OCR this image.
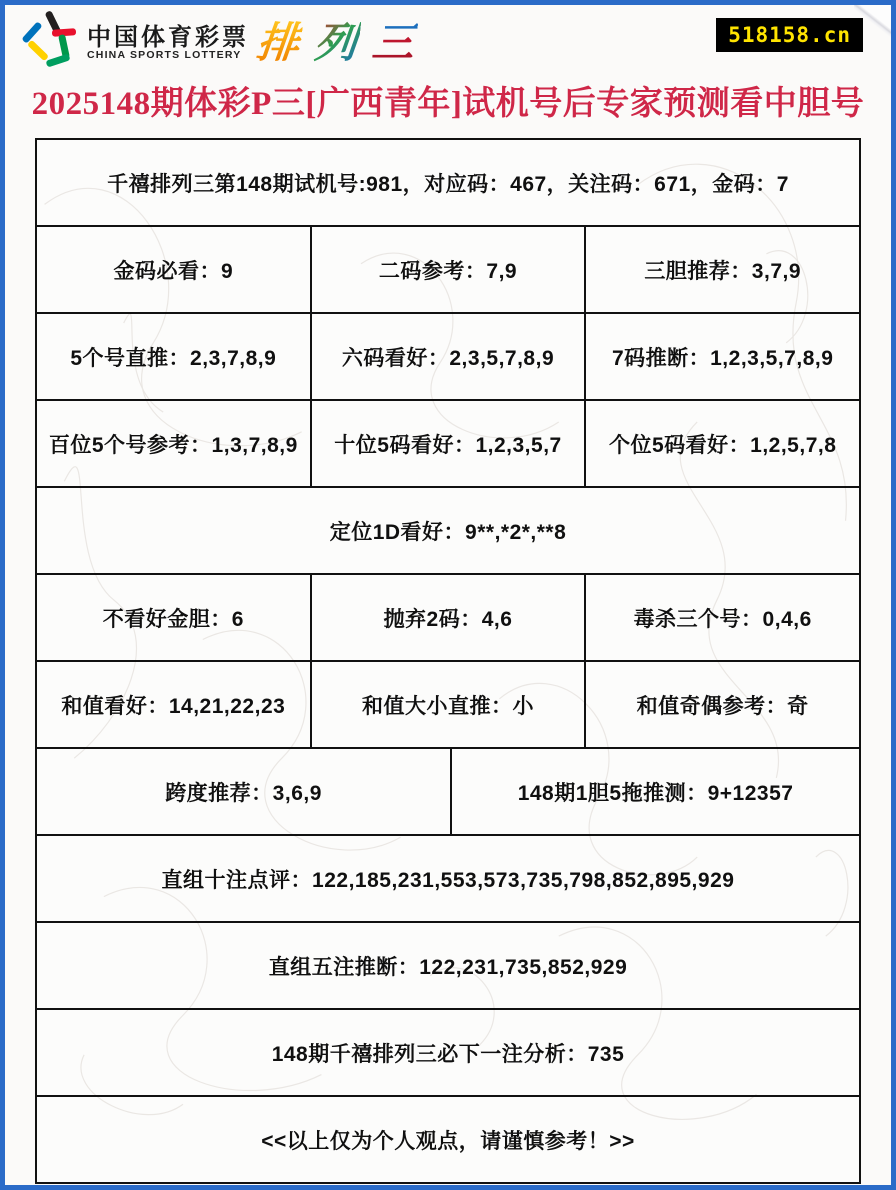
中国体育彩票
CHINA SPORTS LOTTERY 排 列 三	518158.cn
2025148期体彩P三[广西青年]试机号后专家预测看中胆号
千禧排列三第148期试机号:981，对应码：467，关注码：671，金码：7
金码必看：9	二码参考：7,9	三胆推荐：3,7,9
5个号直推：2,3,7,8,9	六码看好：2,3,5,7,8,9	7码推断：1,2,3,5,7,8,9
百位5个号参考：1,3,7,8,9	十位5码看好：1,2,3,5,7	个位5码看好：1,2,5,7,8
定位1D看好：9**,*2*,**8
不看好金胆：6	抛弃2码：4,6	毒杀三个号：0,4,6
和值看好：14,21,22,23	和值大小直推：小	和值奇偶参考：奇
跨度推荐：3,6,9	148期1胆5拖推测：9+12357
直组十注点评：122,185,231,553,573,735,798,852,895,929
直组五注推断：122,231,735,852,929
148期千禧排列三必下一注分析：735
<<以上仅为个人观点，请谨慎参考！>>
